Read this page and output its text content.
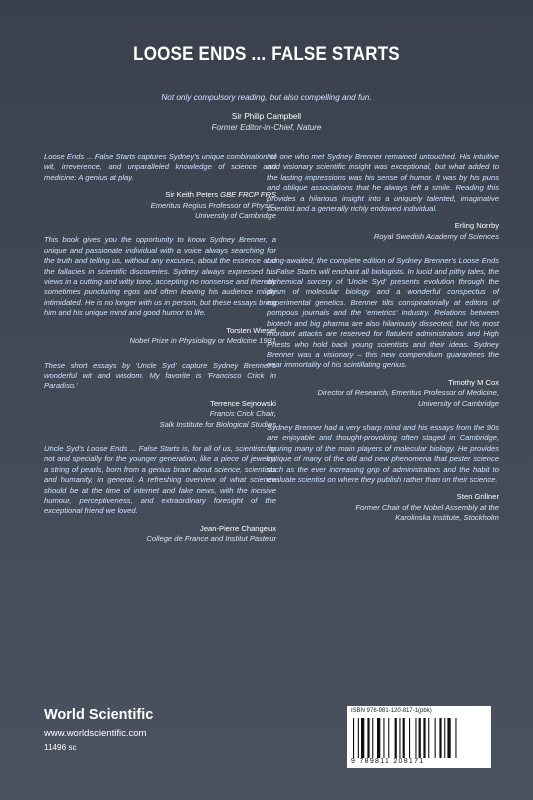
LOOSE ENDS ... FALSE STARTS
Not only compulsory reading, but also compelling and fun.
Sir Philip Campbell
Former Editor-in-Chief, Nature

Loose Ends ... False Starts captures Sydney's unique combination of wit, irreverence, and unparalleled knowledge of science and medicine: A genius at play.

Sir Keith Peters GBE FRCP FRS
Emeritus Regius Professor of Physic,
University of Cambridge

This book gives you the opportunity to know Sydney Brenner, a unique and passionate individual with a voice always searching for the truth and telling us, without any excuses, about the essence and the fallacies in scientific discoveries. Sydney always expressed his views in a cutting and witty tone, accepting no nonsense and thereby sometimes puncturing egos and often leaving his audience mildly intimidated. He is no longer with us in person, but these essays bring him and his unique mind and good humor to life.

Torsten Wiesel
Nobel Prize in Physiology or Medicine 1981

These short essays by 'Uncle Syd' capture Sydney Brenner's wonderful wit and wisdom. My favorite is 'Francisco Crick in Paradiso.'

Terrence Sejnowski
Francis Crick Chair,
Salk Institute for Biological Studies

Uncle Syd's Loose Ends ... False Starts is, for all of us, scientists or not and specially for the younger generation, like a piece of jewelry, a string of pearls, born from a genius brain about science, scientists and humanity, in general. A refreshing overview of what science should be at the time of internet and fake news, with the incisive humour, perceptiveness, and extraordinary foresight of the exceptional friend we loved.

Jean-Pierre Changeux
College de France and Institut Pasteur

No one who met Sydney Brenner remained untouched. His intuitive and visionary scientific insight was exceptional, but what added to the lasting impressions was his sense of humor. It was by his puns and oblique associations that he always left a smile. Reading this provides a hilarious insight into a uniquely talented, imaginative scientist and a generally richly endowed individual.

Erling Norrby
Royal Swedish Academy of Sciences

Long-awaited, the complete edition of Sydney Brenner's Loose Ends ... False Starts will enchant all biologists. In lucid and pithy tales, the alchemical sorcery of 'Uncle Syd' presents evolution through the prism of molecular biology and a wonderful conspectus of experimental genetics. Brenner tilts conspiratorially at editors of pompous journals and the 'emetrics' industry. Relations between biotech and big pharma are also hilariously dissected; but his most mordant attacks are reserved for flatulent administrators and High Priests who hold back young scientists and their ideas. Sydney Brenner was a visionary – this new compendium guarantees the near immortality of his scintillating genius.

Timothy M Cox
Director of Research, Emeritus Professor of Medicine,
University of Cambridge

Sydney Brenner had a very sharp mind and his essays from the 90s are enjoyable and thought-provoking often staged in Cambridge, figuring many of the main players of molecular biology. He provides critique of many of the old and new phenomena that pester science such as the ever increasing grip of administrators and the habit to evaluate scientist on where they publish rather than on their science.

Sten Grillner
Former Chair of the Nobel Assembly at the
Karolinska Institute, Stockholm
World Scientific
www.worldscientific.com
11496 sc
ISBN 978-981-120-817-1(pbk)
9 789811 208171
